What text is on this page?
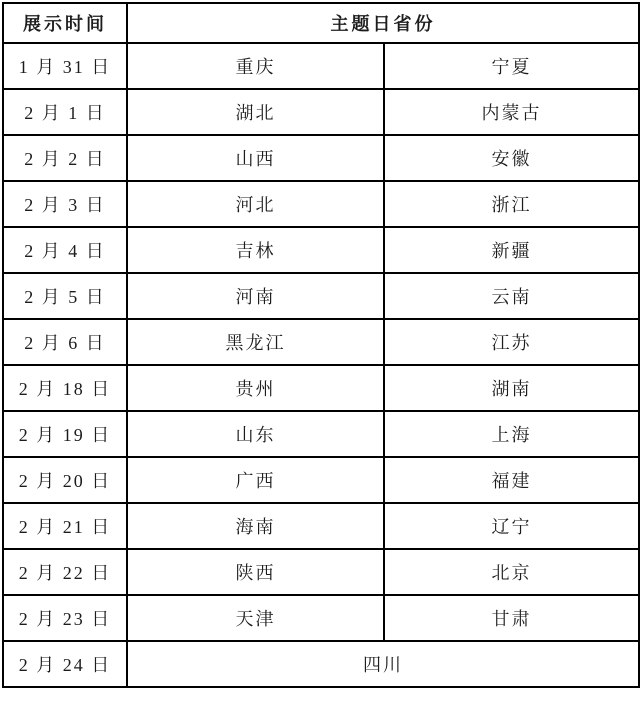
展示时间	主题日省份	
1 月 31 日	重庆	宁夏
2 月 1 日	湖北	内蒙古
2 月 2 日	山西	安徽
2 月 3 日	河北	浙江
2 月 4 日	吉林	新疆
2 月 5 日	河南	云南
2 月 6 日	黑龙江	江苏
2 月 18 日	贵州	湖南
2 月 19 日	山东	上海
2 月 20 日	广西	福建
2 月 21 日	海南	辽宁
2 月 22 日	陕西	北京
2 月 23 日	天津	甘肃
2 月 24 日	四川	
